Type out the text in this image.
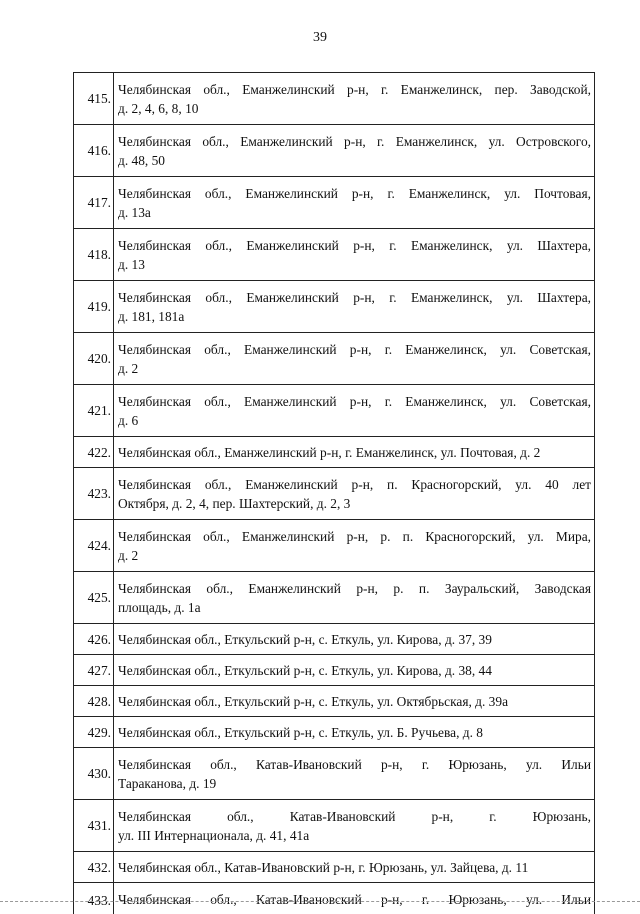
39
415.	Челябинская обл., Еманжелинский р-н, г. Еманжелинск, пер. Заводской,
д. 2, 4, 6, 8, 10

416.	Челябинская обл., Еманжелинский р-н, г. Еманжелинск, ул. Островского,
д. 48, 50

417.	Челябинская обл., Еманжелинский р-н, г. Еманжелинск, ул. Почтовая,
д. 13а

418.	Челябинская обл., Еманжелинский р-н, г. Еманжелинск, ул. Шахтера,
д. 13

419.	Челябинская обл., Еманжелинский р-н, г. Еманжелинск, ул. Шахтера,
д. 181, 181а

420.	Челябинская обл., Еманжелинский р-н, г. Еманжелинск, ул. Советская,
д. 2

421.	Челябинская обл., Еманжелинский р-н, г. Еманжелинск, ул. Советская,
д. 6

422.	Челябинская обл., Еманжелинский р-н, г. Еманжелинск, ул. Почтовая, д. 2

423.	Челябинская обл., Еманжелинский р-н, п. Красногорский, ул. 40 лет
Октября, д. 2, 4, пер. Шахтерский, д. 2, 3

424.	Челябинская обл., Еманжелинский р-н, р. п. Красногорский, ул. Мира,
д. 2

425.	Челябинская обл., Еманжелинский р-н, р. п. Зауральский, Заводская
площадь, д. 1а

426.	Челябинская обл., Еткульский р-н, с. Еткуль, ул. Кирова, д. 37, 39

427.	Челябинская обл., Еткульский р-н, с. Еткуль, ул. Кирова, д. 38, 44

428.	Челябинская обл., Еткульский р-н, с. Еткуль, ул. Октябрьская, д. 39а

429.	Челябинская обл., Еткульский р-н, с. Еткуль, ул. Б. Ручьева, д. 8

430.	Челябинская обл., Катав-Ивановский р-н, г. Юрюзань, ул. Ильи
Тараканова, д. 19

431.	Челябинская обл., Катав-Ивановский р-н, г. Юрюзань,
ул. III Интернационала, д. 41, 41а

432.	Челябинская обл., Катав-Ивановский р-н, г. Юрюзань, ул. Зайцева, д. 11

433.	Челябинская обл., Катав-Ивановский р-н, г. Юрюзань, ул. Ильи
